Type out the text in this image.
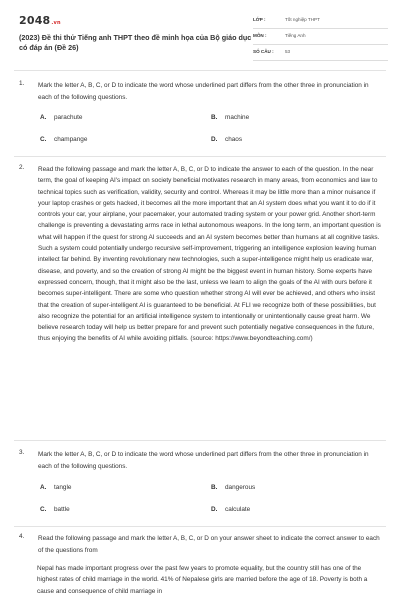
2048.vn
(2023) Đề thi thử Tiếng anh THPT theo đề minh họa của Bộ giáo dục có đáp án (Đề 26)
LỚP :	Tốt nghiệp THPT
MÔN :	Tiếng Anh
SỐ CÂU : 53
1. Mark the letter A, B, C, or D to indicate the word whose underlined part differs from the other three in pronunciation in each of the following questions.
A. parachute	B. machine
C. champange	D. chaos
2. Read the following passage and mark the letter A, B, C, or D to indicate the answer to each of the question. In the near term, the goal of keeping AI's impact on society beneficial motivates research in many areas, from economics and law to technical topics such as verification, validity, security and control. Whereas it may be little more than a minor nuisance if your laptop crashes or gets hacked, it becomes all the more important that an AI system does what you want it to do if it controls your car, your airplane, your pacemaker, your automated trading system or your power grid. Another short-term challenge is preventing a devastating arms race in lethal autonomous weapons. In the long term, an important question is what will happen if the quest for strong AI succeeds and an AI system becomes better than humans at all cognitive tasks. Such a system could potentially undergo recursive self-improvement, triggering an intelligence explosion leaving human intellect far behind. By inventing revolutionary new technologies, such a super-intelligence might help us eradicate war, disease, and poverty, and so the creation of strong AI might be the biggest event in human history. Some experts have expressed concern, though, that it might also be the last, unless we learn to align the goals of the AI with ours before it becomes super-intelligent. There are some who question whether strong AI will ever be achieved, and others who insist that the creation of super-intelligent AI is guaranteed to be beneficial. At FLI we recognize both of these possibilities, but also recognize the potential for an artificial intelligence system to intentionally or unintentionally cause great harm. We believe research today will help us better prepare for and prevent such potentially negative consequences in the future, thus enjoying the benefits of AI while avoiding pitfalls. (source: https://www.beyondteaching.com/)
3. Mark the letter A, B, C, or D to indicate the word whose underlined part differs from the other three in pronunciation in each of the following questions.
A. tangle	B. dangerous
C. battle	D. calculate
4. Read the following passage and mark the letter A, B, C, or D on your answer sheet to indicate the correct answer to each of the questions from
Nepal has made important progress over the past few years to promote equality, but the country still has one of the highest rates of child marriage in the world. 41% of Nepalese girls are married before the age of 18. Poverty is both a cause and consequence of child marriage in
